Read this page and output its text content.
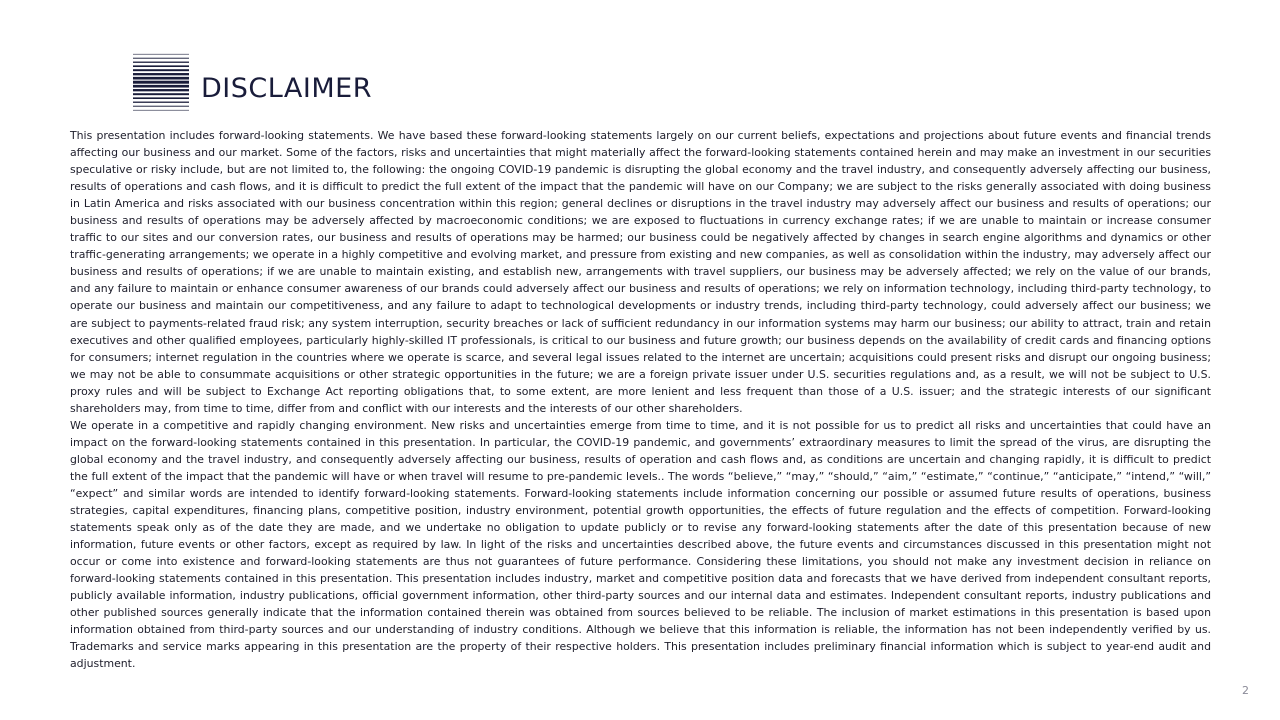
DISCLAIMER

This presentation includes forward-looking statements. We have based these forward-looking statements largely on our current beliefs, expectations and projections about future events and financial trends affecting our business and our market. Some of the factors, risks and uncertainties that might materially affect the forward-looking statements contained herein and may make an investment in our securities speculative or risky include, but are not limited to, the following: the ongoing COVID-19 pandemic is disrupting the global economy and the travel industry, and consequently adversely affecting our business, results of operations and cash flows, and it is difficult to predict the full extent of the impact that the pandemic will have on our Company; we are subject to the risks generally associated with doing business in Latin America and risks associated with our business concentration within this region; general declines or disruptions in the travel industry may adversely affect our business and results of operations; our business and results of operations may be adversely affected by macroeconomic conditions; we are exposed to fluctuations in currency exchange rates; if we are unable to maintain or increase consumer traffic to our sites and our conversion rates, our business and results of operations may be harmed; our business could be negatively affected by changes in search engine algorithms and dynamics or other traffic-generating arrangements; we operate in a highly competitive and evolving market, and pressure from existing and new companies, as well as consolidation within the industry, may adversely affect our business and results of operations; if we are unable to maintain existing, and establish new, arrangements with travel suppliers, our business may be adversely affected; we rely on the value of our brands, and any failure to maintain or enhance consumer awareness of our brands could adversely affect our business and results of operations; we rely on information technology, including third-party technology, to operate our business and maintain our competitiveness, and any failure to adapt to technological developments or industry trends, including third-party technology, could adversely affect our business; we are subject to payments-related fraud risk; any system interruption, security breaches or lack of sufficient redundancy in our information systems may harm our business; our ability to attract, train and retain executives and other qualified employees, particularly highly-skilled IT professionals, is critical to our business and future growth; our business depends on the availability of credit cards and financing options for consumers; internet regulation in the countries where we operate is scarce, and several legal issues related to the internet are uncertain; acquisitions could present risks and disrupt our ongoing business; we may not be able to consummate acquisitions or other strategic opportunities in the future; we are a foreign private issuer under U.S. securities regulations and, as a result, we will not be subject to U.S. proxy rules and will be subject to Exchange Act reporting obligations that, to some extent, are more lenient and less frequent than those of a U.S. issuer; and the strategic interests of our significant shareholders may, from time to time, differ from and conflict with our interests and the interests of our other shareholders.

We operate in a competitive and rapidly changing environment. New risks and uncertainties emerge from time to time, and it is not possible for us to predict all risks and uncertainties that could have an impact on the forward-looking statements contained in this presentation. In particular, the COVID-19 pandemic, and governments’ extraordinary measures to limit the spread of the virus, are disrupting the global economy and the travel industry, and consequently adversely affecting our business, results of operation and cash flows and, as conditions are uncertain and changing rapidly, it is difficult to predict the full extent of the impact that the pandemic will have or when travel will resume to pre-pandemic levels.. The words “believe,” “may,” “should,” “aim,” “estimate,” “continue,” “anticipate,” “intend,” “will,” “expect” and similar words are intended to identify forward-looking statements. Forward-looking statements include information concerning our possible or assumed future results of operations, business strategies, capital expenditures, financing plans, competitive position, industry environment, potential growth opportunities, the effects of future regulation and the effects of competition. Forward-looking statements speak only as of the date they are made, and we undertake no obligation to update publicly or to revise any forward-looking statements after the date of this presentation because of new information, future events or other factors, except as required by law. In light of the risks and uncertainties described above, the future events and circumstances discussed in this presentation might not occur or come into existence and forward-looking statements are thus not guarantees of future performance. Considering these limitations, you should not make any investment decision in reliance on forward-looking statements contained in this presentation. This presentation includes industry, market and competitive position data and forecasts that we have derived from independent consultant reports, publicly available information, industry publications, official government information, other third-party sources and our internal data and estimates. Independent consultant reports, industry publications and other published sources generally indicate that the information contained therein was obtained from sources believed to be reliable. The inclusion of market estimations in this presentation is based upon information obtained from third-party sources and our understanding of industry conditions. Although we believe that this information is reliable, the information has not been independently verified by us. Trademarks and service marks appearing in this presentation are the property of their respective holders. This presentation includes preliminary financial information which is subject to year-end audit and adjustment.

2
